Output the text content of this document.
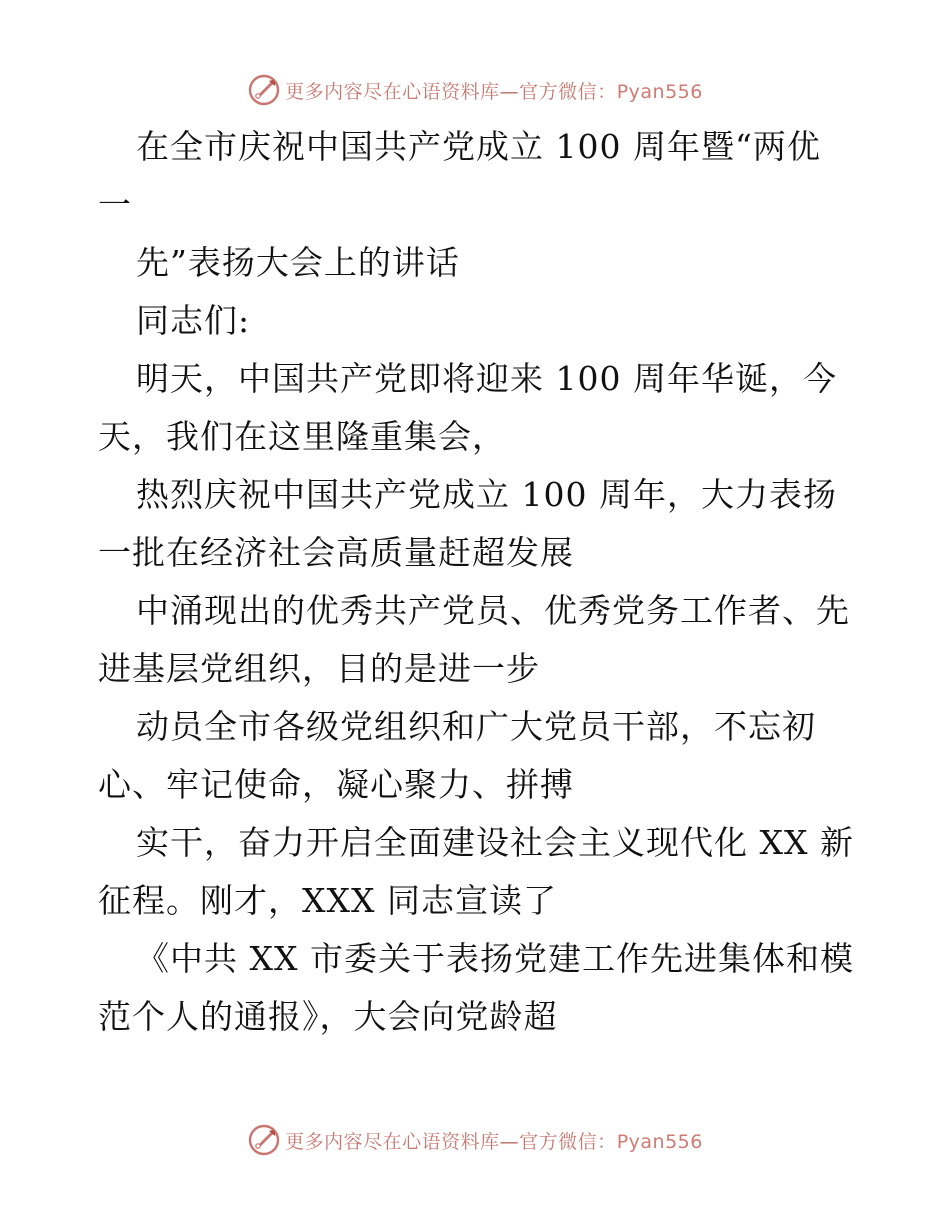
更多内容尽在心语资料库—官方微信：Pyan556
在全市庆祝中国共产党成立 100 周年暨“两优
一
先”表扬大会上的讲话
同志们:
明天，中国共产党即将迎来 100 周年华诞，今
天，我们在这里隆重集会，
热烈庆祝中国共产党成立 100 周年，大力表扬
一批在经济社会高质量赶超发展
中涌现出的优秀共产党员、优秀党务工作者、先
进基层党组织，目的是进一步
动员全市各级党组织和广大党员干部，不忘初
心、牢记使命，凝心聚力、拼搏
实干，奋力开启全面建设社会主义现代化 XX 新
征程。刚才，XXX 同志宣读了
《中共 XX 市委关于表扬党建工作先进集体和模
范个人的通报》，大会向党龄超
更多内容尽在心语资料库—官方微信：Pyan556
